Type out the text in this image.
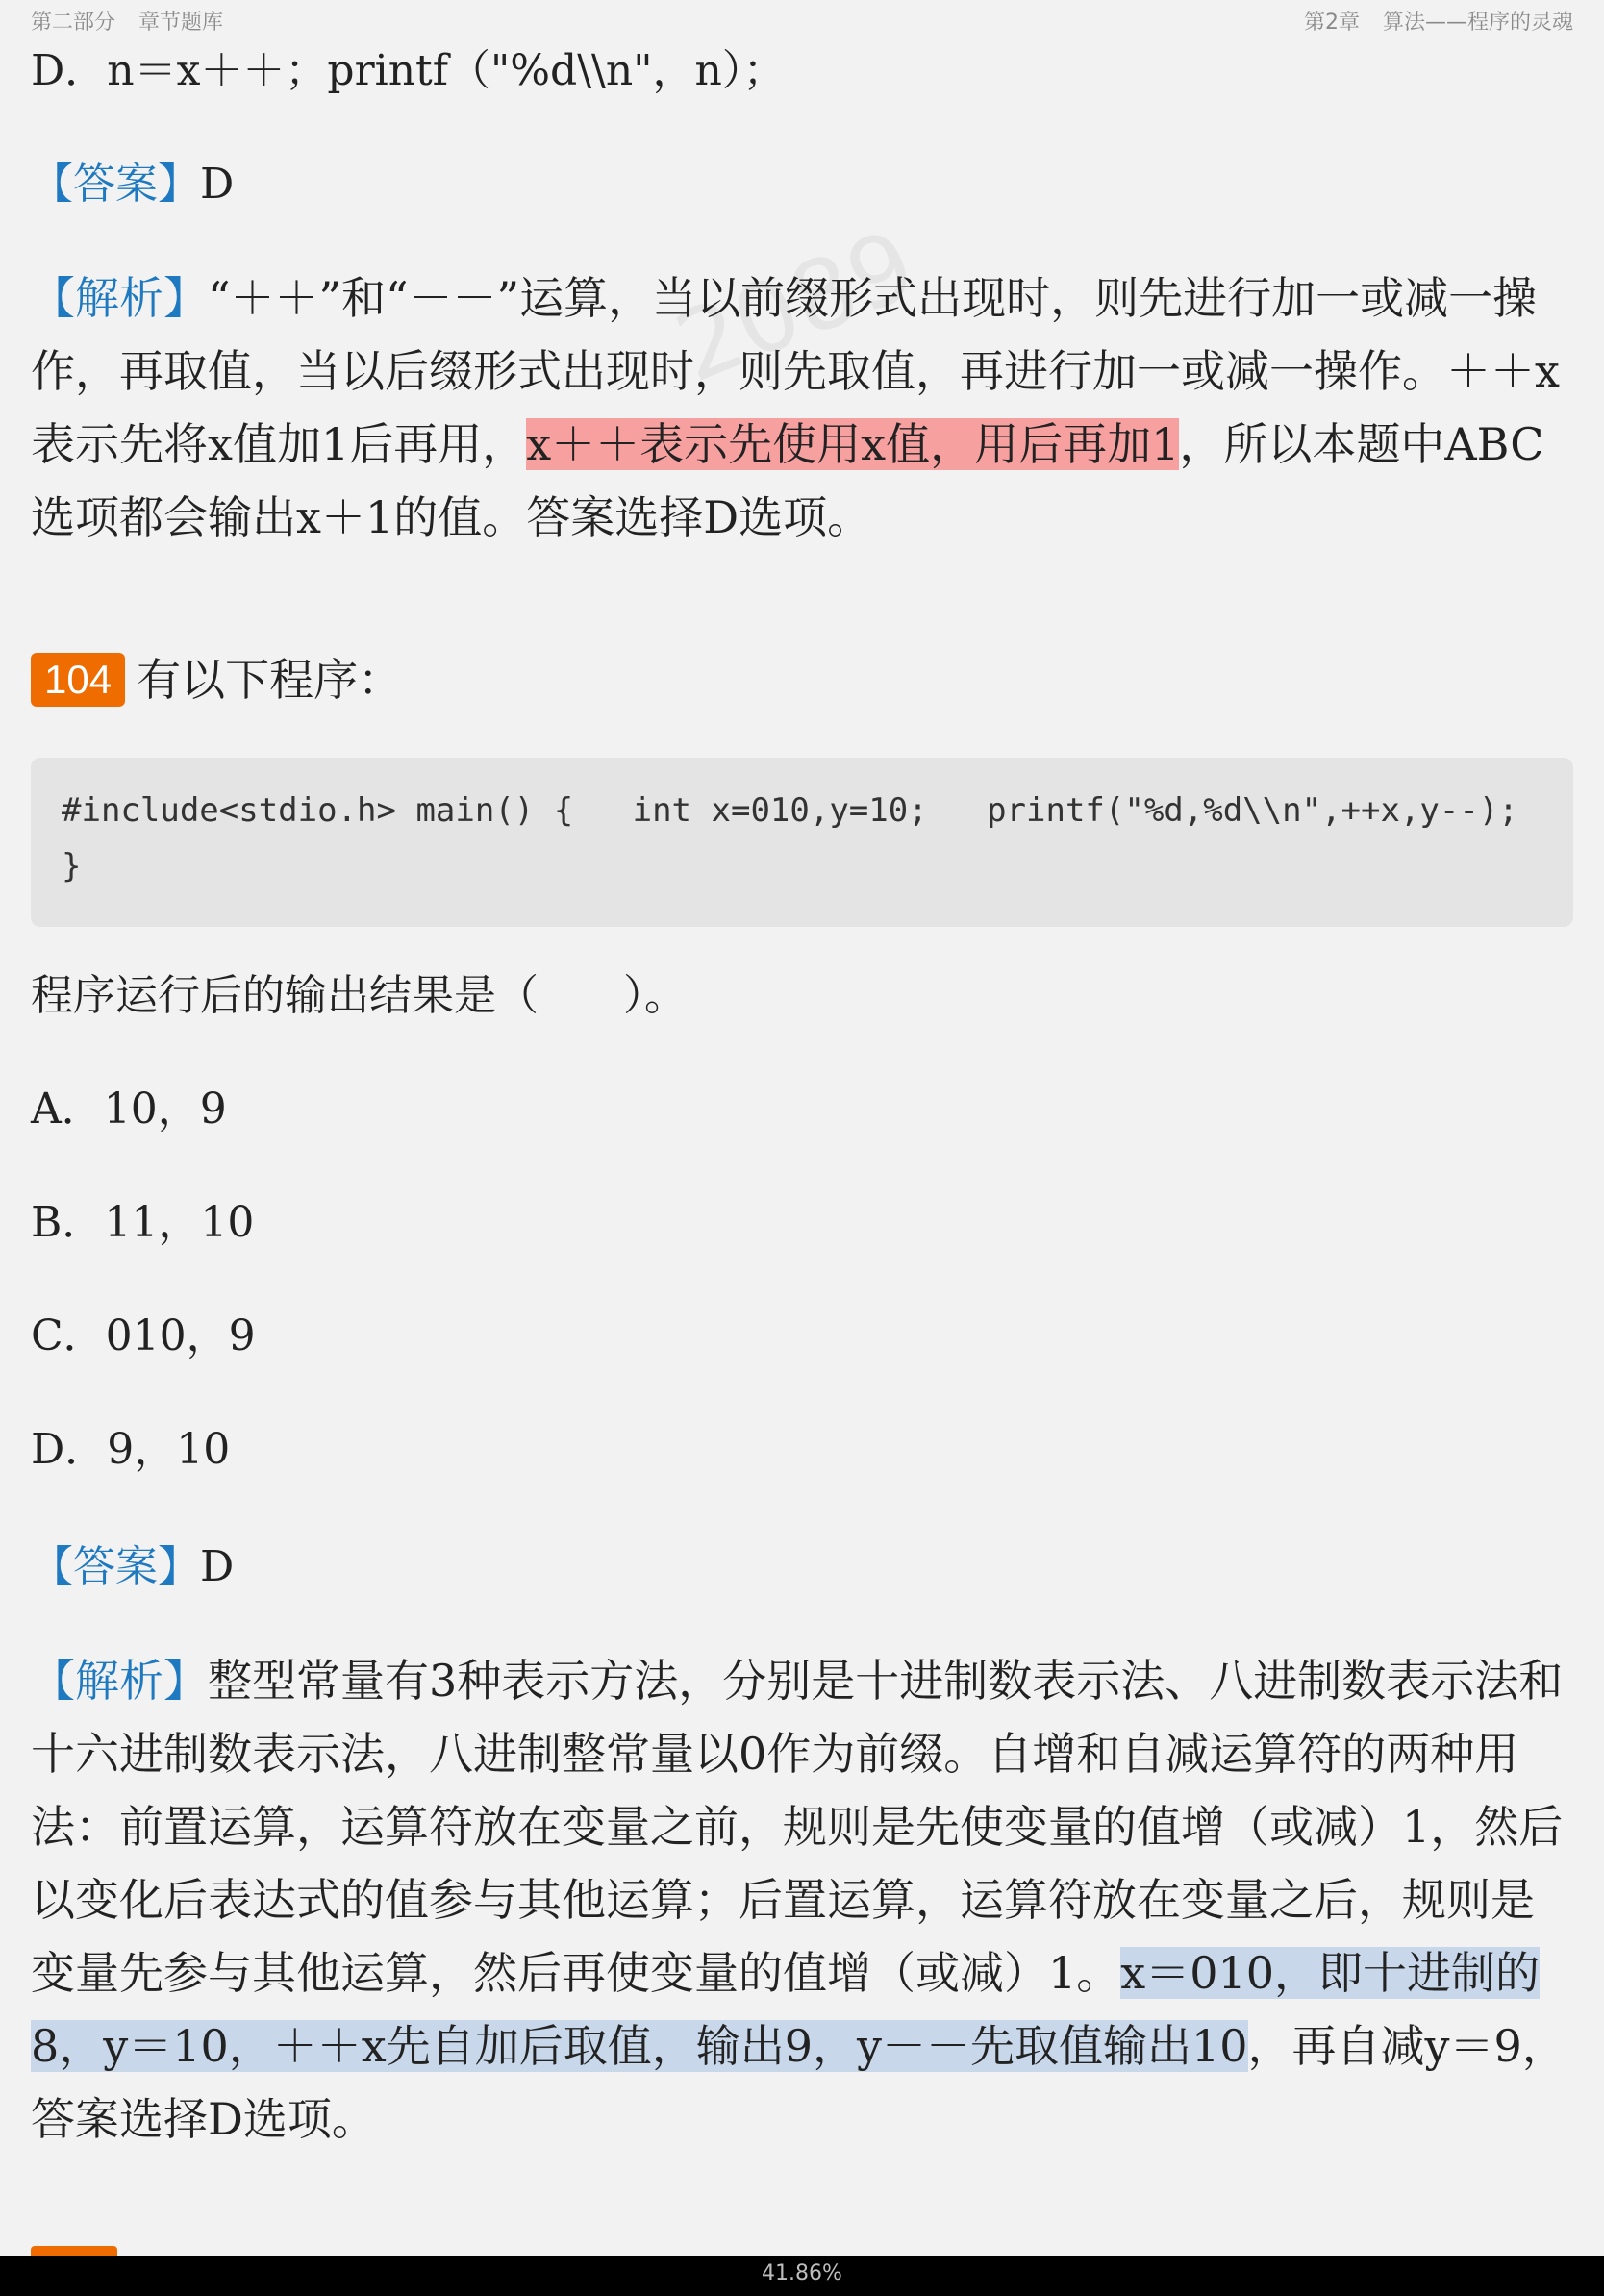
第二部分 章节题库	第2章 算法——程序的灵魂
2089
D．n＝x＋＋；printf（"%d\\n"，n）；
【答案】D
【解析】“＋＋”和“－－”运算，当以前缀形式出现时，则先进行加一或减一操作，再取值，当以后缀形式出现时，则先取值，再进行加一或减一操作。＋＋x表示先将x值加1后再用，x＋＋表示先使用x值，用后再加1，所以本题中ABC选项都会输出x＋1的值。答案选择D选项。
104 有以下程序：
#include<stdio.h> main() {   int x=010,y=10;   printf("%d,%d\\n",++x,y--); }
程序运行后的输出结果是（　　）。
A．10，9
B．11，10
C．010，9
D．9，10
【答案】D
【解析】整型常量有3种表示方法，分别是十进制数表示法、八进制数表示法和十六进制数表示法，八进制整常量以0作为前缀。自增和自减运算符的两种用法：前置运算，运算符放在变量之前，规则是先使变量的值增（或减）1，然后以变化后表达式的值参与其他运算；后置运算，运算符放在变量之后，规则是变量先参与其他运算，然后再使变量的值增（或减）1。x＝010，即十进制的8，y＝10，＋＋x先自加后取值，输出9，y－－先取值输出10，再自减y＝9，答案选择D选项。
41.86%
